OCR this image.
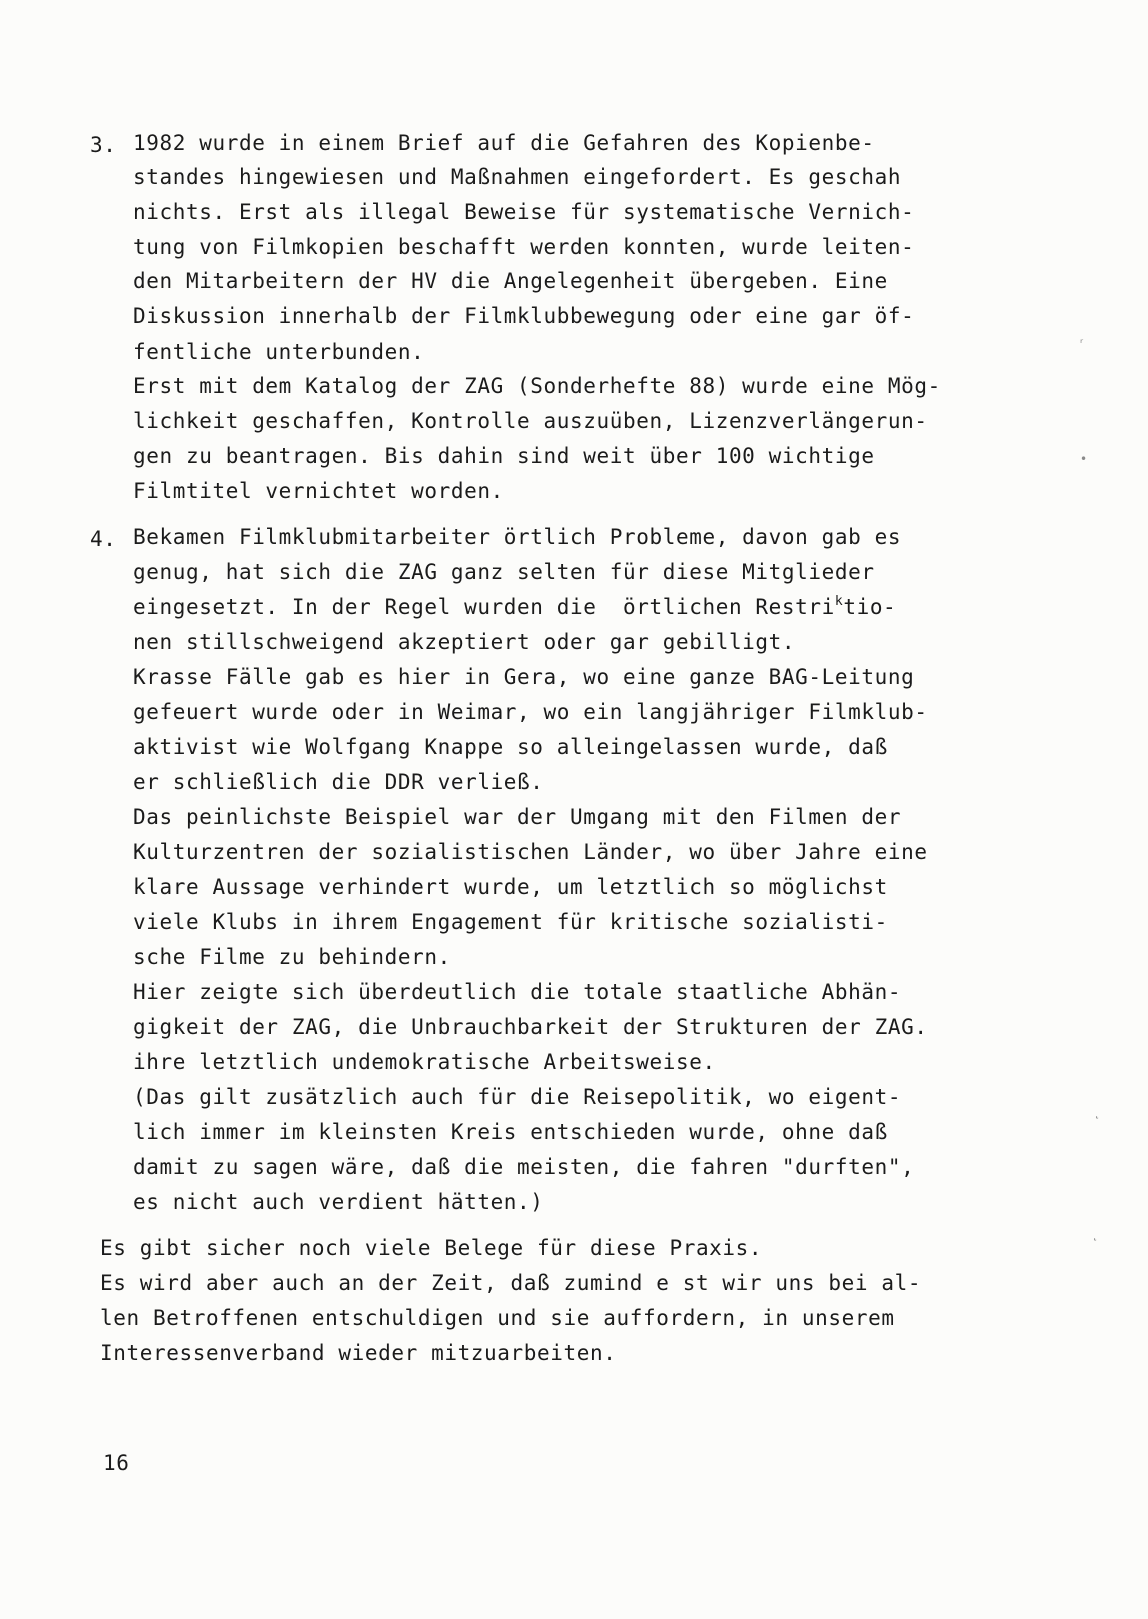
3.

1982 wurde in einem Brief auf die Gefahren des Kopienbe-

standes hingewiesen und Maßnahmen eingefordert. Es geschah

nichts. Erst als illegal Beweise für systematische Vernich-

tung von Filmkopien beschafft werden konnten, wurde leiten-

den Mitarbeitern der HV die Angelegenheit übergeben. Eine

Diskussion innerhalb der Filmklubbewegung oder eine gar öf-

fentliche unterbunden.

Erst mit dem Katalog der ZAG (Sonderhefte 88) wurde eine Mög-

lichkeit geschaffen, Kontrolle auszuüben, Lizenzverlängerun-

gen zu beantragen. Bis dahin sind weit über 100 wichtige

Filmtitel vernichtet worden.

4.

Bekamen Filmklubmitarbeiter örtlich Probleme, davon gab es

genug, hat sich die ZAG ganz selten für diese Mitglieder

eingesetzt. In der Regel wurden die  örtlichen Restri$^k$tio-

nen stillschweigend akzeptiert oder gar gebilligt.

Krasse Fälle gab es hier in Gera, wo eine ganze BAG-Leitung

gefeuert wurde oder in Weimar, wo ein langjähriger Filmklub-

aktivist wie Wolfgang Knappe so alleingelassen wurde, daß

er schließlich die DDR verließ.

Das peinlichste Beispiel war der Umgang mit den Filmen der

Kulturzentren der sozialistischen Länder, wo über Jahre eine

klare Aussage verhindert wurde, um letztlich so möglichst

viele Klubs in ihrem Engagement für kritische sozialisti-

sche Filme zu behindern.

Hier zeigte sich überdeutlich die totale staatliche Abhän-

gigkeit der ZAG, die Unbrauchbarkeit der Strukturen der ZAG.

ihre letztlich undemokratische Arbeitsweise.

(Das gilt zusätzlich auch für die Reisepolitik, wo eigent-

lich immer im kleinsten Kreis entschieden wurde, ohne daß

damit zu sagen wäre, daß die meisten, die fahren "durften",

es nicht auch verdient hätten.)

Es gibt sicher noch viele Belege für diese Praxis.

Es wird aber auch an der Zeit, daß zumind e st wir uns bei al-

len Betroffenen entschuldigen und sie auffordern, in unserem

Interessenverband wieder mitzuarbeiten.

16
ʳ
•
˛
˛
